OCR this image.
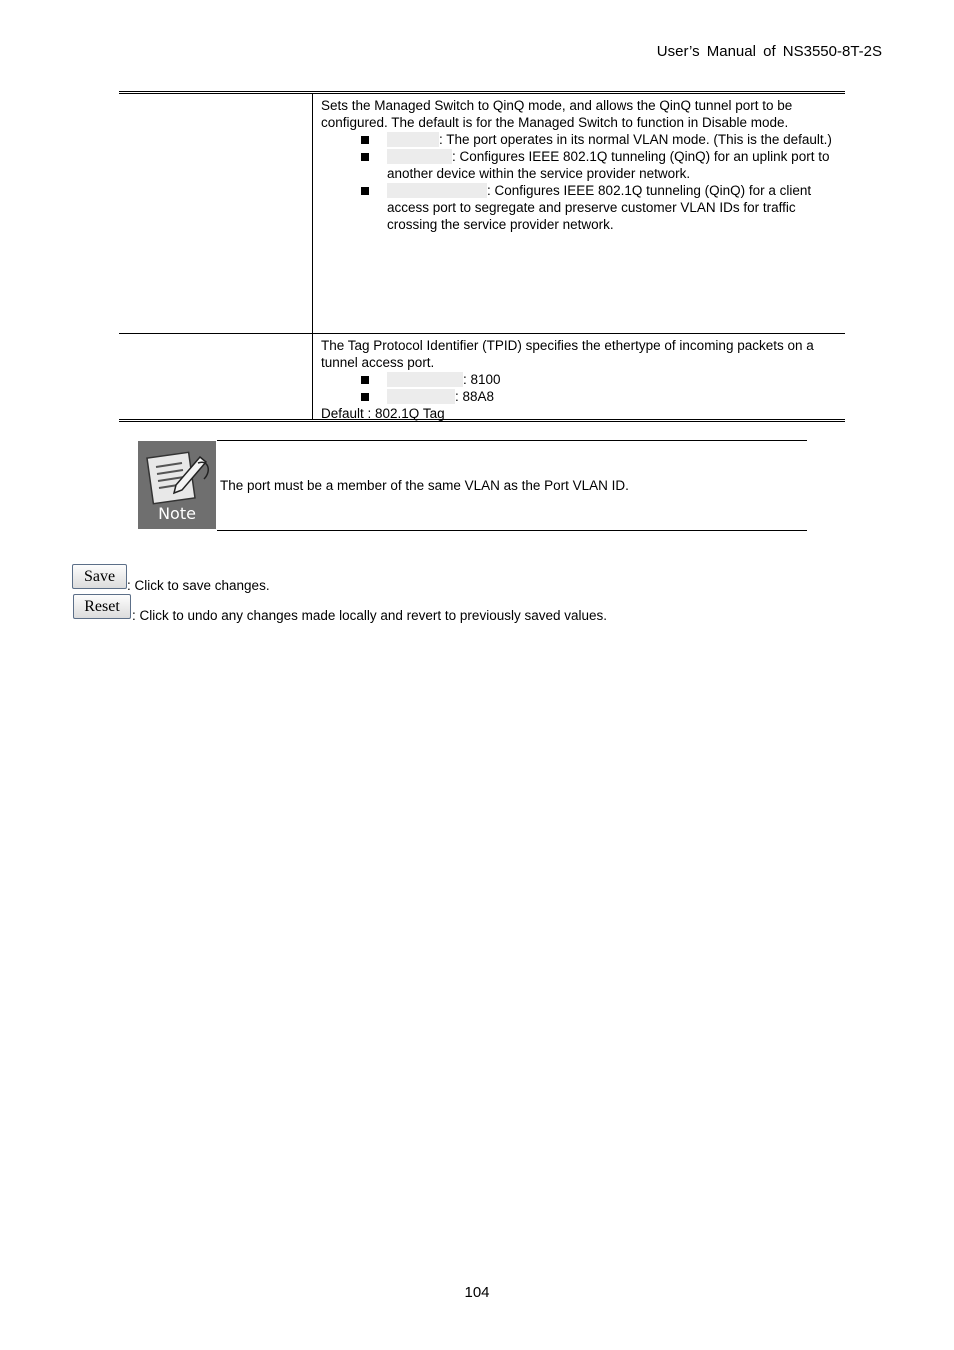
User’s Manual of NS3550-8T-2S
Sets the Managed Switch to QinQ mode, and allows the QinQ tunnel port to be configured. The default is for the Managed Switch to function in Disable mode.
: The port operates in its normal VLAN mode. (This is the default.)
: Configures IEEE 802.1Q tunneling (QinQ) for an uplink port to another device within the service provider network.
: Configures IEEE 802.1Q tunneling (QinQ) for a client access port to segregate and preserve customer VLAN IDs for traffic crossing the service provider network.
The Tag Protocol Identifier (TPID) specifies the ethertype of incoming packets on a tunnel access port.
: 8100
: 88A8
Default : 802.1Q Tag
Note
The port must be a member of the same VLAN as the Port VLAN ID.
Save
: Click to save changes.
Reset
: Click to undo any changes made locally and revert to previously saved values.
104
